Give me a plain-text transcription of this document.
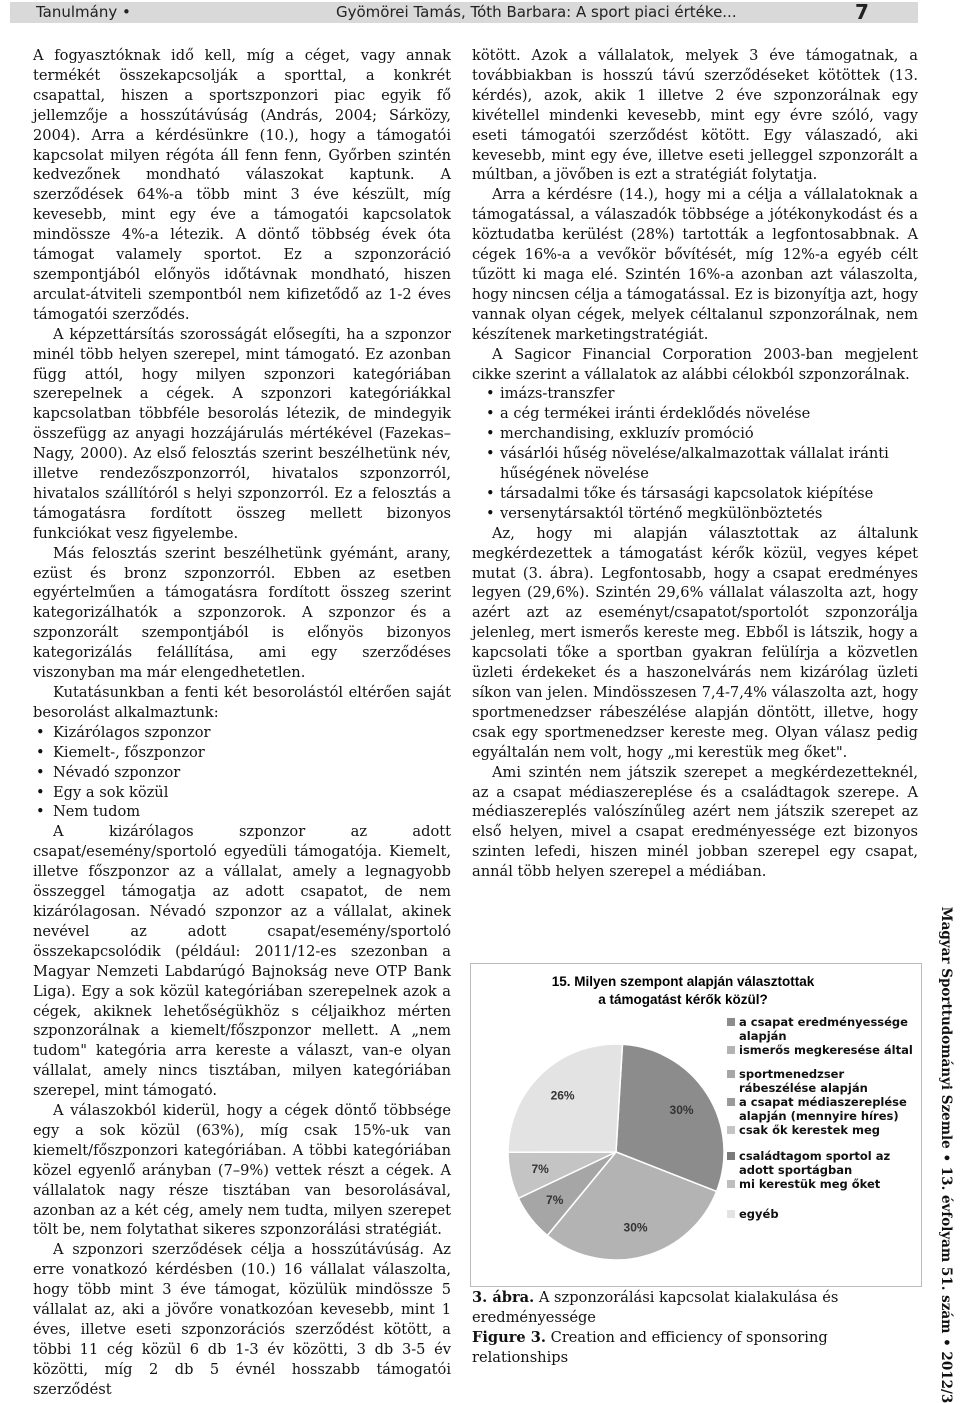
Tanulmány •	Gyömörei Tamás, Tóth Barbara: A sport piaci értéke...	7

A fogyasztóknak idő kell, míg a céget, vagy annak termékét összekapcsolják a sporttal, a konkrét csapattal, hiszen a sportszponzori piac egyik fő jellemzője a hosszútávúság (András, 2004; Sárközy, 2004). Arra a kérdésünkre (10.), hogy a támogatói kapcsolat milyen régóta áll fenn fenn, Győrben szintén kedvezőnek mondható válaszokat kaptunk. A szerződések 64%-a több mint 3 éve készült, míg kevesebb, mint egy éve a támogatói kapcsolatok mindössze 4%-a létezik. A döntő többség évek óta támogat valamely sportot. Ez a szponzoráció szempontjából előnyös időtávnak mondható, hiszen arculat-átviteli szempontból nem kifizetődő az 1-2 éves támogatói szerződés.

A képzettársítás szorosságát elősegíti, ha a szponzor minél több helyen szerepel, mint támogató. Ez azonban függ attól, hogy milyen szponzori kategóriában szerepelnek a cégek. A szponzori kategóriákkal kapcsolatban többféle besorolás létezik, de mindegyik összefügg az anyagi hozzájárulás mértékével (Fazekas–Nagy, 2000). Az első felosztás szerint beszélhetünk név, illetve rendezőszponzorról, hivatalos szponzorról, hivatalos szállítóról s helyi szponzorról. Ez a felosztás a támogatásra fordított összeg mellett bizonyos funkciókat vesz figyelembe.

Más felosztás szerint beszélhetünk gyémánt, arany, ezüst és bronz szponzorról. Ebben az esetben egyértelműen a támogatásra fordított összeg szerint kategorizálhatók a szponzorok. A szponzor és a szponzorált szempontjából is előnyös bizonyos kategorizálás felállítása, ami egy szerződéses viszonyban ma már elengedhetetlen.

Kutatásunkban a fenti két besorolástól eltérően saját besorolást alkalmaztunk:

• Kizárólagos szponzor
• Kiemelt-, főszponzor
• Névadó szponzor
• Egy a sok közül
• Nem tudom

A kizárólagos szponzor az adott csapat/esemény/sportoló egyedüli támogatója. Kiemelt, illetve főszponzor az a vállalat, amely a legnagyobb összeggel támogatja az adott csapatot, de nem kizárólagosan. Névadó szponzor az a vállalat, akinek nevével az adott csapat/esemény/sportoló összekapcsolódik (például: 2011/12-es szezonban a Magyar Nemzeti Labdarúgó Bajnokság neve OTP Bank Liga). Egy a sok közül kategóriában szerepelnek azok a cégek, akiknek lehetőségükhöz s céljaikhoz mérten szponzorálnak a kiemelt/főszponzor mellett. A „nem tudom" kategória arra kereste a választ, van-e olyan vállalat, amely nincs tisztában, milyen kategóriában szerepel, mint támogató.

A válaszokból kiderül, hogy a cégek döntő többsége egy a sok közül (63%), míg csak 15%-uk van kiemelt/főszponzori kategóriában. A többi kategóriában közel egyenlő arányban (7–9%) vettek részt a cégek. A vállalatok nagy része tisztában van besorolásával, azonban az a két cég, amely nem tudta, milyen szerepet tölt be, nem folytathat sikeres szponzorálási stratégiát.

A szponzori szerződések célja a hosszútávúság. Az erre vonatkozó kérdésben (10.) 16 vállalat válaszolta, hogy több mint 3 éve támogat, közülük mindössze 5 vállalat az, aki a jövőre vonatkozóan kevesebb, mint 1 éves, illetve eseti szponzorációs szerződést kötött, a többi 11 cég közül 6 db 1-3 év közötti, 3 db 3-5 év közötti, míg 2 db 5 évnél hosszabb támogatói szerződést

kötött. Azok a vállalatok, melyek 3 éve támogatnak, a továbbiakban is hosszú távú szerződéseket kötöttek (13. kérdés), azok, akik 1 illetve 2 éve szponzorálnak egy kivétellel mindenki kevesebb, mint egy évre szóló, vagy eseti támogatói szerződést kötött. Egy válaszadó, aki kevesebb, mint egy éve, illetve eseti jelleggel szponzorált a múltban, a jövőben is ezt a stratégiát folytatja.

Arra a kérdésre (14.), hogy mi a célja a vállalatoknak a támogatással, a válaszadók többsége a jótékonykodást és a köztudatba kerülést (28%) tartották a legfontosabbnak. A cégek 16%-a a vevőkör bővítését, míg 12%-a egyéb célt tűzött ki maga elé. Szintén 16%-a azonban azt válaszolta, hogy nincsen célja a támogatással. Ez is bizonyítja azt, hogy vannak olyan cégek, melyek céltalanul szponzorálnak, nem készítenek marketingstratégiát.

A Sagicor Financial Corporation 2003-ban megjelent cikke szerint a vállalatok az alábbi célokból szponzorálnak.

• imázs-transzfer
• a cég termékei iránti érdeklődés növelése
• merchandising, exkluzív promóció
• vásárlói hűség növelése/alkalmazottak vállalat iránti hűségének növelése
• társadalmi tőke és társasági kapcsolatok kiépítése
• versenytársaktól történő megkülönböztetés

Az, hogy mi alapján választottak az általunk megkérdezettek a támogatást kérők közül, vegyes képet mutat (3. ábra). Legfontosabb, hogy a csapat eredményes legyen (29,6%). Szintén 29,6% vállalat válaszolta azt, hogy azért azt az eseményt/csapatot/sportolót szponzorálja jelenleg, mert ismerős kereste meg. Ebből is látszik, hogy a kapcsolati tőke a sportban gyakran felülírja a közvetlen üzleti érdekeket és a haszonelvárás nem kizárólag üzleti síkon van jelen. Mindösszesen 7,4-7,4% válaszolta azt, hogy sportmenedzser rábeszélése alapján döntött, illetve, hogy csak egy sportmenedzser kereste meg. Olyan válasz pedig egyáltalán nem volt, hogy „mi kerestük meg őket".

Ami szintén nem játszik szerepet a megkérdezetteknél, az a csapat médiaszereplése és a családtagok szerepe. A médiaszereplés valószínűleg azért nem játszik szerepet az első helyen, mivel a csapat eredményessége ezt bizonyos szinten lefedi, hiszen minél jobban szerepel egy csapat, annál több helyen szerepel a médiában.

15. Milyen szempont alapján választottak
a támogatást kérők közül?
30%
30%
7%
7%
26%
a csapat eredményessége
alapján
ismerős megkeresése által
sportmenedzser
rábeszélése alapján
a csapat médiaszereplése
alapján (mennyire híres)
csak ők kerestek meg
családtagom sportol az
adott sportágban
mi kerestük meg őket
egyéb
3. ábra. A szponzorálási kapcsolat kialakulása és eredményessége
Figure 3. Creation and efficiency of sponsoring relationships	Magyar Sporttudományi Szemle • 13. évfolyam 51. szám • 2012/3
